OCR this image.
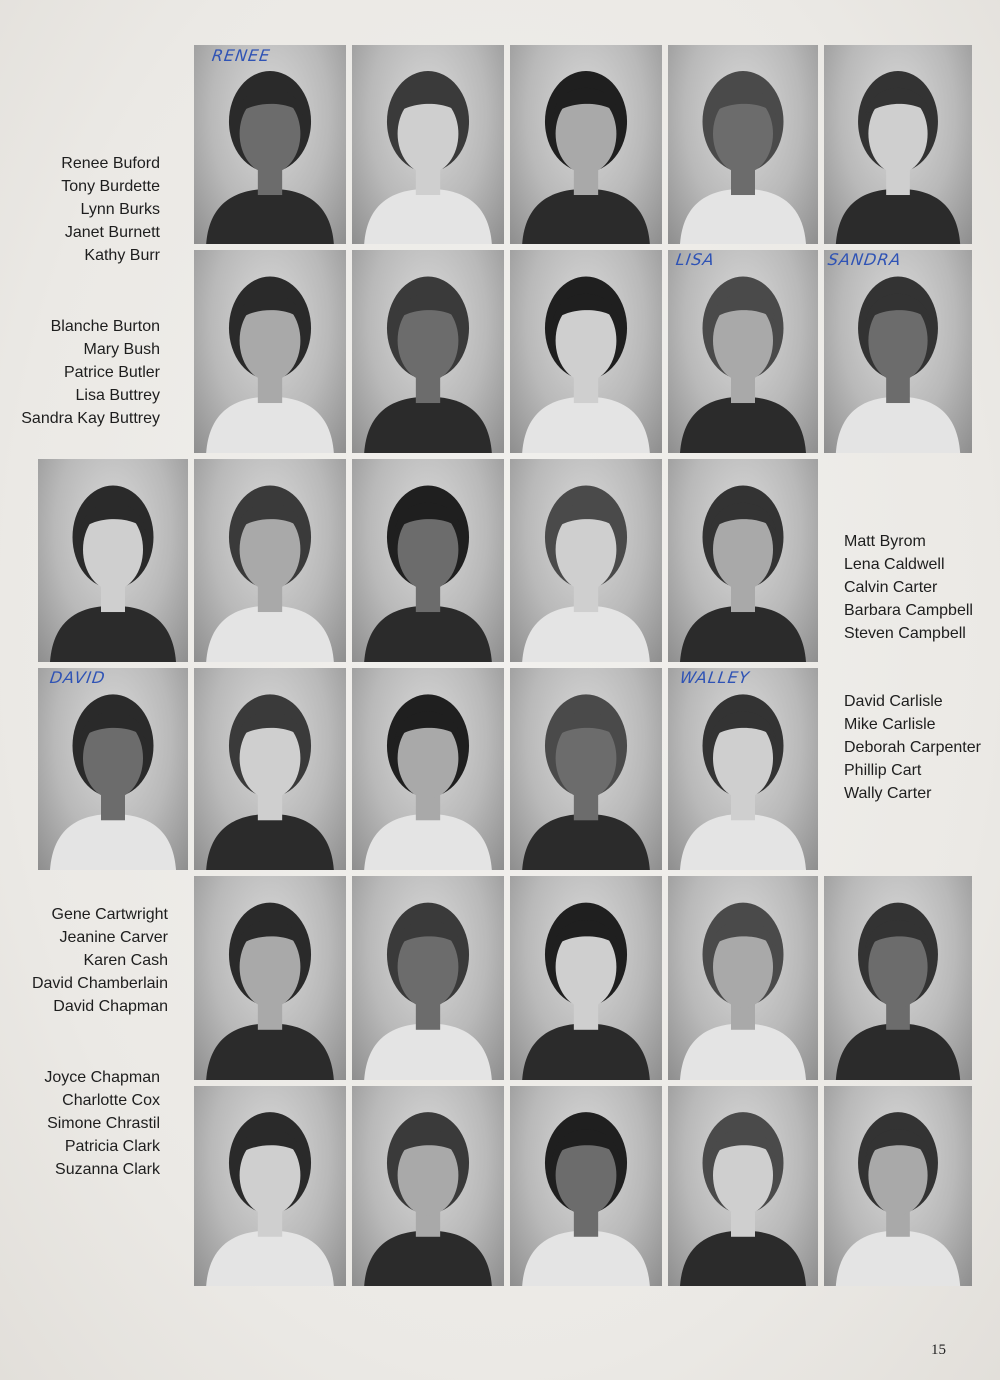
RENEE
LISA	SANDRA
DAVID	WALLEY
Renee Buford
Tony Burdette
Lynn Burks
Janet Burnett
Kathy Burr
Blanche Burton
Mary Bush
Patrice Butler
Lisa Buttrey
Sandra Kay Buttrey
Matt Byrom
Lena Caldwell
Calvin Carter
Barbara Campbell
Steven Campbell
David Carlisle
Mike Carlisle
Deborah Carpenter
Phillip Cart
Wally Carter
Gene Cartwright
Jeanine Carver
Karen Cash
David Chamberlain
David Chapman
Joyce Chapman
Charlotte Cox
Simone Chrastil
Patricia Clark
Suzanna Clark
15
